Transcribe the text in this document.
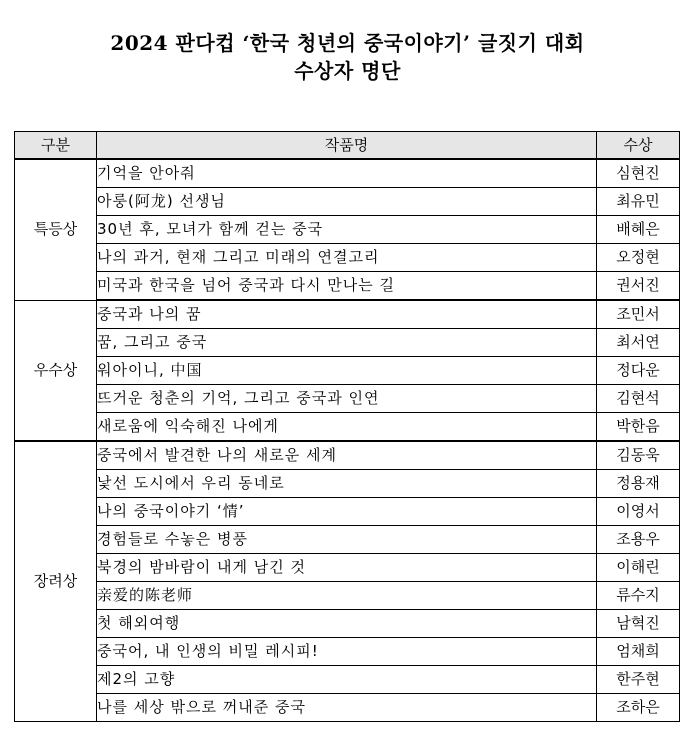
2024 판다컵 ‘한국 청년의 중국이야기’ 글짓기 대회
수상자 명단
구분	작품명	수상
특등상	기억을 안아줘	심현진
	아룽(阿龙) 선생님	최유민
	30년 후, 모녀가 함께 걷는 중국	배혜은
	나의 과거, 현재 그리고 미래의 연결고리	오정현
	미국과 한국을 넘어 중국과 다시 만나는 길	권서진
우수상	중국과 나의 꿈	조민서
	꿈, 그리고 중국	최서연
	워아이니, 中国	정다운
	뜨거운 청춘의 기억, 그리고 중국과 인연	김현석
	새로움에 익숙해진 나에게	박한음
장려상	중국에서 발견한 나의 새로운 세계	김동욱
	낯선 도시에서 우리 동네로	정용재
	나의 중국이야기 ‘情’	이영서
	경험들로 수놓은 병풍	조용우
	북경의 밤바람이 내게 남긴 것	이해린
	亲爱的陈老师	류수지
	첫 해외여행	남혁진
	중국어, 내 인생의 비밀 레시피!	엄채희
	제2의 고향	한주현
	나를 세상 밖으로 꺼내준 중국	조하은
